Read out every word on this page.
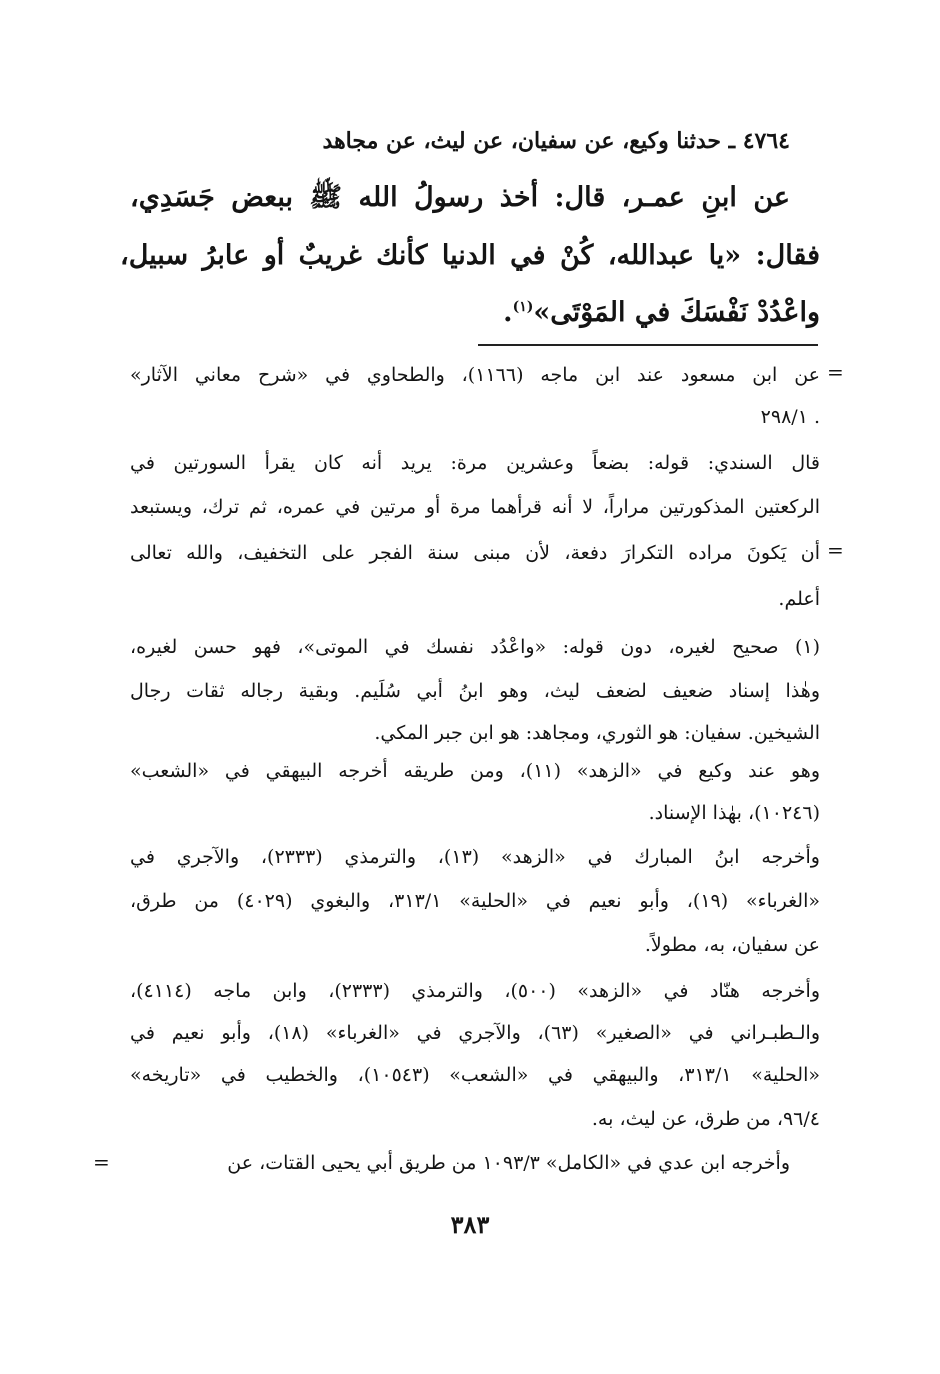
٤٧٦٤ ـ حدثنا وكيع، عن سفيان، عن ليث، عن مجاهد
عن ابنِ عمـر، قال: أخذ رسولُ الله ﷺ ببعض جَسَدِي،
فقال: «يا عبدالله، كُنْ في الدنيا كأنك غريبٌ أو عابرُ سبيل،
واعْدُدْ نَفْسَكَ في المَوْتَى»$^{(١)}$.
=
=
=
عن ابن مسعود عند ابن ماجه (١١٦٦)، والطحاوي في «شرح معاني الآثار»
٢٩٨/١ .
قال السندي: قوله: بضعاً وعشرين مرة: يريد أنه كان يقرأ السورتين في
الركعتين المذكورتين مراراً، لا أنه قرأهما مرة أو مرتين في عمره، ثم ترك، ويستبعد
أن يَكونَ مراده التكرارَ دفعة، لأن مبنى سنة الفجر على التخفيف، والله تعالى
أعلم.
(١) صحيح لغيره، دون قوله: «واعْدُد نفسك في الموتى»، فهو حسن لغيره،
وهٰذا إسناد ضعيف لضعف ليث، وهو ابنُ أبي سُلَيم. وبقية رجاله ثقات رجال
الشيخين. سفيان: هو الثوري، ومجاهد: هو ابن جبر المكي.
وهو عند وكيع في «الزهد» (١١)، ومن طريقه أخرجه البيهقي في «الشعب»
(١٠٢٤٦)، بهٰذا الإسناد.
وأخرجه ابنُ المبارك في «الزهد» (١٣)، والترمذي (٢٣٣٣)، والآجري في
«الغرباء» (١٩)، وأبو نعيم في «الحلية» ٣١٣/١، والبغوي (٤٠٢٩) من طرق،
عن سفيان، به، مطولاً.
وأخرجه هنّاد في «الزهد» (٥٠٠)، والترمذي (٢٣٣٣)، وابن ماجه (٤١١٤)،
والـطبـراني في «الصغير» (٦٣)، والآجري في «الغرباء» (١٨)، وأبو نعيم في
«الحلية» ٣١٣/١، والبيهقي في «الشعب» (١٠٥٤٣)، والخطيب في «تاريخه»
٩٦/٤، من طرق، عن ليث، به.
وأخرجه ابن عدي في «الكامل» ١٠٩٣/٣ من طريق أبي يحيى القتات، عن
٣٨٣
